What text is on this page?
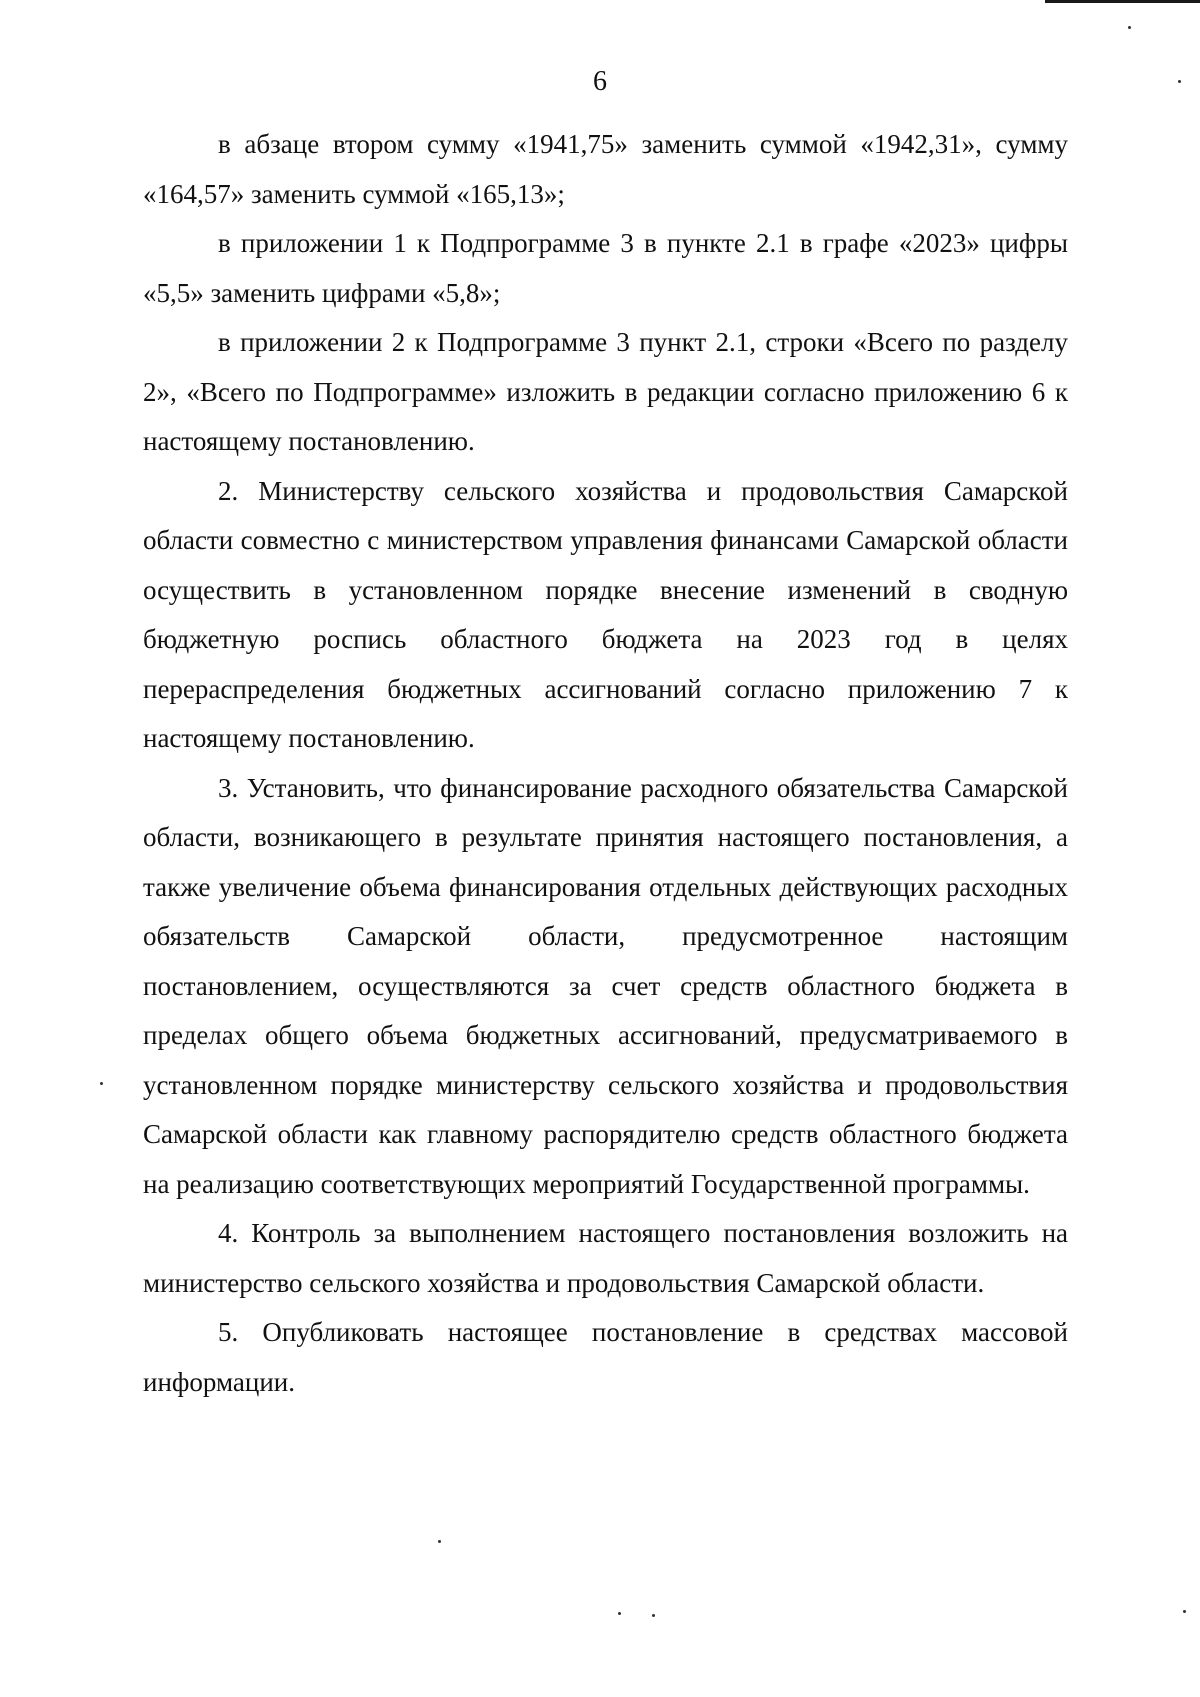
6

в абзаце втором сумму «1941,75» заменить суммой «1942,31», сумму «164,57» заменить суммой «165,13»;

в приложении 1 к Подпрограмме 3 в пункте 2.1 в графе «2023» цифры «5,5» заменить цифрами «5,8»;

в приложении 2 к Подпрограмме 3 пункт 2.1, строки «Всего по разделу 2», «Всего по Подпрограмме» изложить в редакции согласно приложению 6 к настоящему постановлению.

2. Министерству сельского хозяйства и продовольствия Самарской области совместно с министерством управления финансами Самарской области осуществить в установленном порядке внесение изменений в сводную бюджетную роспись областного бюджета на 2023 год в целях перераспределения бюджетных ассигнований согласно приложению 7 к настоящему постановлению.

3. Установить, что финансирование расходного обязательства Самарской области, возникающего в результате принятия настоящего постановления, а также увеличение объема финансирования отдельных действующих расходных обязательств Самарской области, предусмотренное настоящим постановлением, осуществляются за счет средств областного бюджета в пределах общего объема бюджетных ассигнований, предусматриваемого в установленном порядке министерству сельского хозяйства и продовольствия Самарской области как главному распорядителю средств областного бюджета на реализацию соответствующих мероприятий Государственной программы.

4. Контроль за выполнением настоящего постановления возложить на министерство сельского хозяйства и продовольствия Самарской области.

5. Опубликовать настоящее постановление в средствах массовой информации.
